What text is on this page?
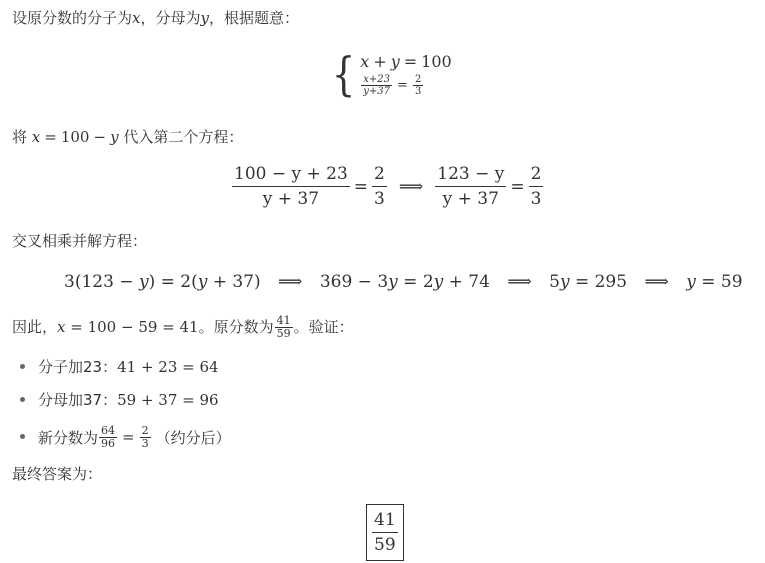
设原分数的分子为x，分母为y，根据题意：
{ x + y = 100
$\frac{x+23}{y+37} = \frac{2}{3}$
将 x = 100 − y 代入第二个方程：
$\frac{100 - y + 23}{y + 37} = \frac{2}{3}$ ⟹ $\frac{123 - y}{y + 37} = \frac{2}{3}$
交叉相乘并解方程：
3(123 − y) = 2(y + 37) ⟹ 369 − 3y = 2y + 74 ⟹ 5y = 295 ⟹ y = 59
因此， x = 100 − 59 = 41 。原分数为 $\frac{41}{59}$ 。验证：
分子加23：41 + 23 = 64
分母加37：59 + 37 = 96
新分数为 $\frac{64}{96} = \frac{2}{3}$ （约分后）
最终答案为：
$\frac{41}{59}$
